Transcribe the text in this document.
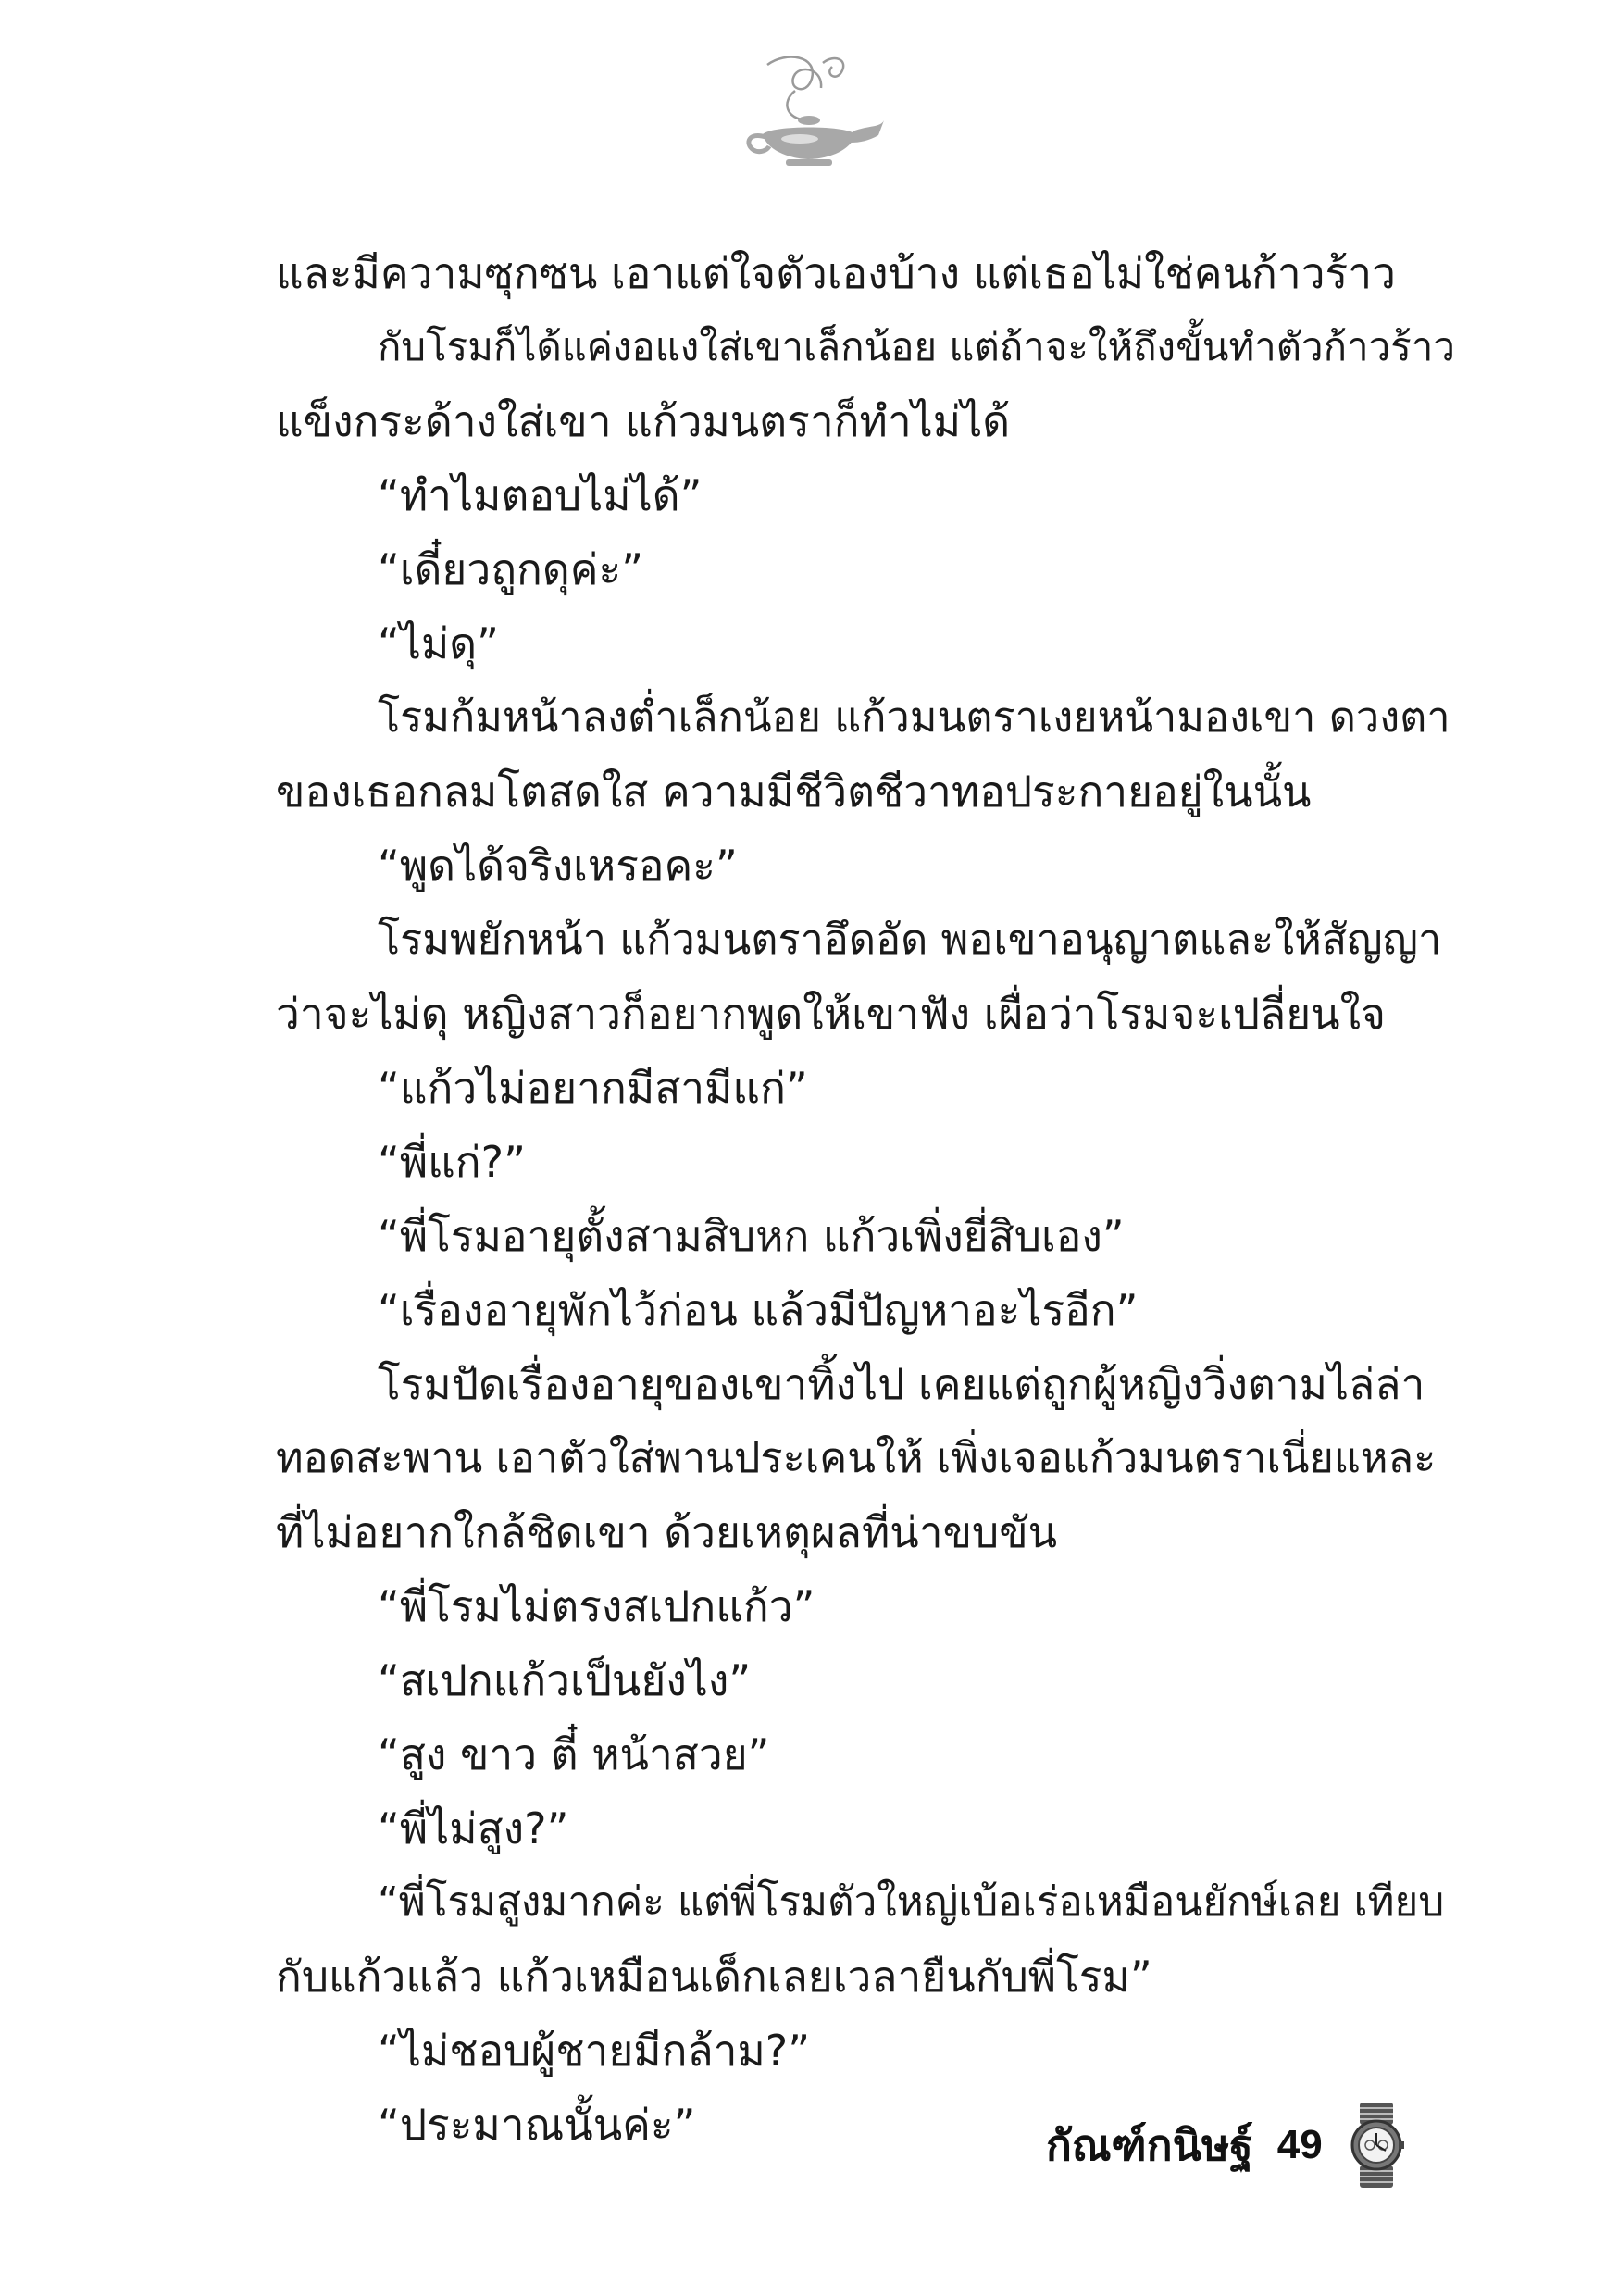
และมีความซุกซน เอาแต่ใจตัวเองบ้าง แต่เธอไม่ใช่คนก้าวร้าว
กับโรมก็ได้แค่งอแงใส่เขาเล็กน้อย แต่ถ้าจะให้ถึงขั้นทำตัวก้าวร้าว
แข็งกระด้างใส่เขา แก้วมนตราก็ทำไม่ได้
“ทำไมตอบไม่ได้”
“เดี๋ยวถูกดุค่ะ”
“ไม่ดุ”
โรมก้มหน้าลงต่ำเล็กน้อย แก้วมนตราเงยหน้ามองเขา ดวงตา
ของเธอกลมโตสดใส ความมีชีวิตชีวาทอประกายอยู่ในนั้น
“พูดได้จริงเหรอคะ”
โรมพยักหน้า แก้วมนตราอึดอัด พอเขาอนุญาตและให้สัญญา
ว่าจะไม่ดุ หญิงสาวก็อยากพูดให้เขาฟัง เผื่อว่าโรมจะเปลี่ยนใจ
“แก้วไม่อยากมีสามีแก่”
“พี่แก่?”
“พี่โรมอายุตั้งสามสิบหก แก้วเพิ่งยี่สิบเอง”
“เรื่องอายุพักไว้ก่อน แล้วมีปัญหาอะไรอีก”
โรมปัดเรื่องอายุของเขาทิ้งไป เคยแต่ถูกผู้หญิงวิ่งตามไล่ล่า
ทอดสะพาน เอาตัวใส่พานประเคนให้ เพิ่งเจอแก้วมนตราเนี่ยแหละ
ที่ไม่อยากใกล้ชิดเขา ด้วยเหตุผลที่น่าขบขัน
“พี่โรมไม่ตรงสเปกแก้ว”
“สเปกแก้วเป็นยังไง”
“สูง ขาว ตี๋ หน้าสวย”
“พี่ไม่สูง?”
“พี่โรมสูงมากค่ะ แต่พี่โรมตัวใหญ่เบ้อเร่อเหมือนยักษ์เลย เทียบ
กับแก้วแล้ว แก้วเหมือนเด็กเลยเวลายืนกับพี่โรม”
“ไม่ชอบผู้ชายมีกล้าม?”
“ประมาณนั้นค่ะ”	กัณฑ์กนิษฐ์ 49
